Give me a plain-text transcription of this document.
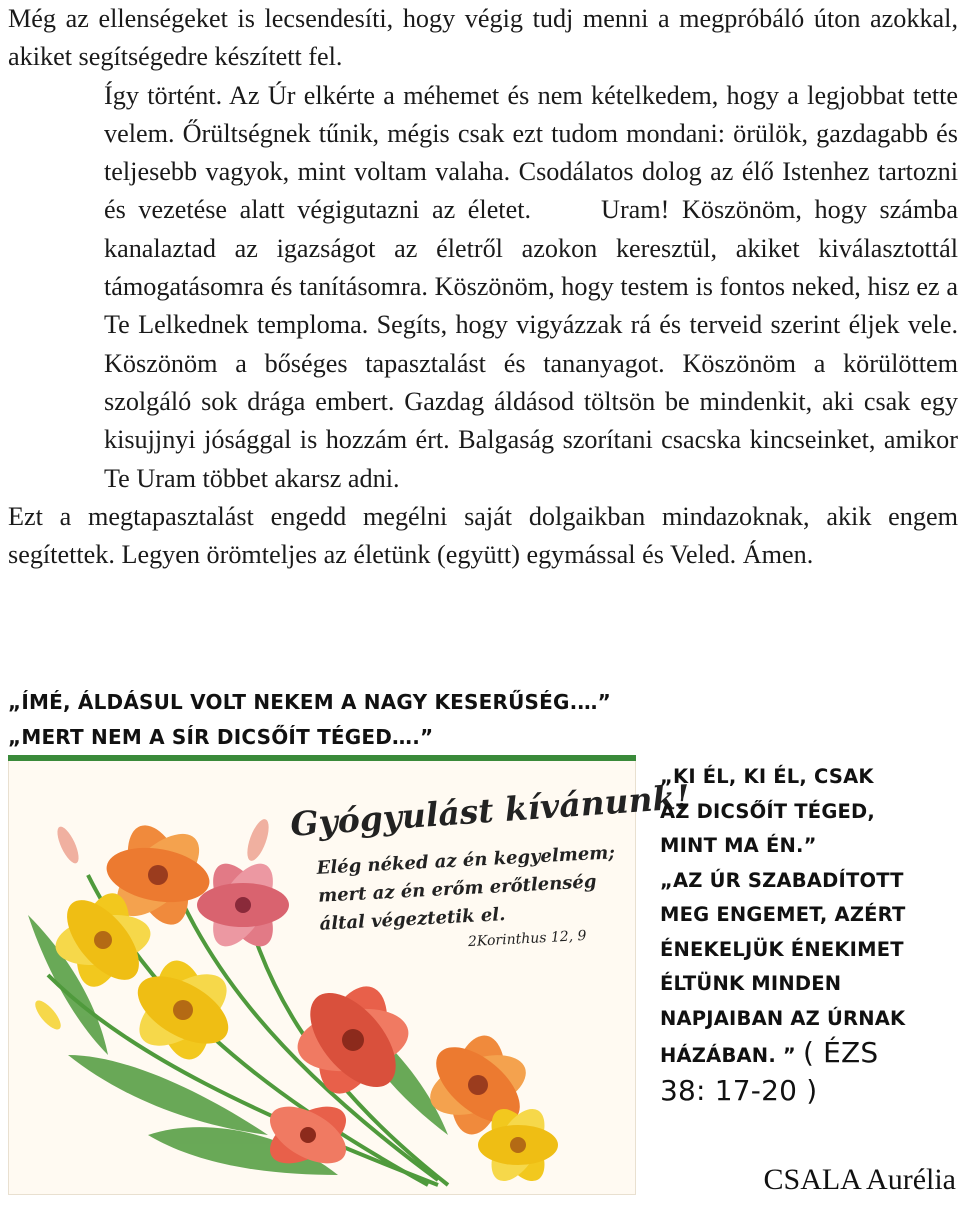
Még az ellenségeket is lecsendesíti, hogy végig tudj menni a megpróbáló úton azokkal, akiket segítségedre készített fel.

Így történt. Az Úr elkérte a méhemet és nem kételkedem, hogy a legjobbat tette velem. Őrültségnek tűnik, mégis csak ezt tudom mondani: örülök, gazdagabb és teljesebb vagyok, mint voltam valaha. Csodálatos dolog az élő Istenhez tartozni és vezetése alatt végigutazni az életet.	Uram! Köszönöm, hogy számba kanalaztad az igazságot az életről azokon keresztül, akiket kiválasztottál támogatásomra és tanításomra. Köszönöm, hogy testem is fontos neked, hisz ez a Te Lelkednek temploma. Segíts, hogy vigyázzak rá és terveid szerint éljek vele. Köszönöm a bőséges tapasztalást és tananyagot. Köszönöm a körülöttem szolgáló sok drága embert. Gazdag áldásod töltsön be mindenkit, aki csak egy kisujjnyi jósággal is hozzám ért. Balgaság szorítani csacska kincseinket, amikor Te Uram többet akarsz adni.

Ezt a megtapasztalást engedd megélni saját dolgaikban mindazoknak, akik engem segítettek. Legyen örömteljes az életünk (együtt) egymással és Veled. Ámen.

„ÍMÉ, ÁLDÁSUL VOLT NEKEM A NAGY KESERŰSÉG.…”
„MERT NEM A SÍR DICSŐÍT TÉGED….”
Gyógyulást kívánunk!
Elég néked az én kegyelmem;
mert az én erőm erőtlenség
által végeztetik el.
2Korinthus 12, 9
„KI ÉL, KI ÉL, CSAK
AZ DICSŐÍT TÉGED,
MINT MA ÉN.”
„AZ ÚR SZABADÍTOTT
MEG ENGEMET, AZÉRT
ÉNEKELJÜK ÉNEKIMET
ÉLTÜNK MINDEN
NAPJAIBAN AZ ÚRNAK
HÁZÁBAN. ” ( ÉZS
38: 17-20 )
CSALA Aurélia
